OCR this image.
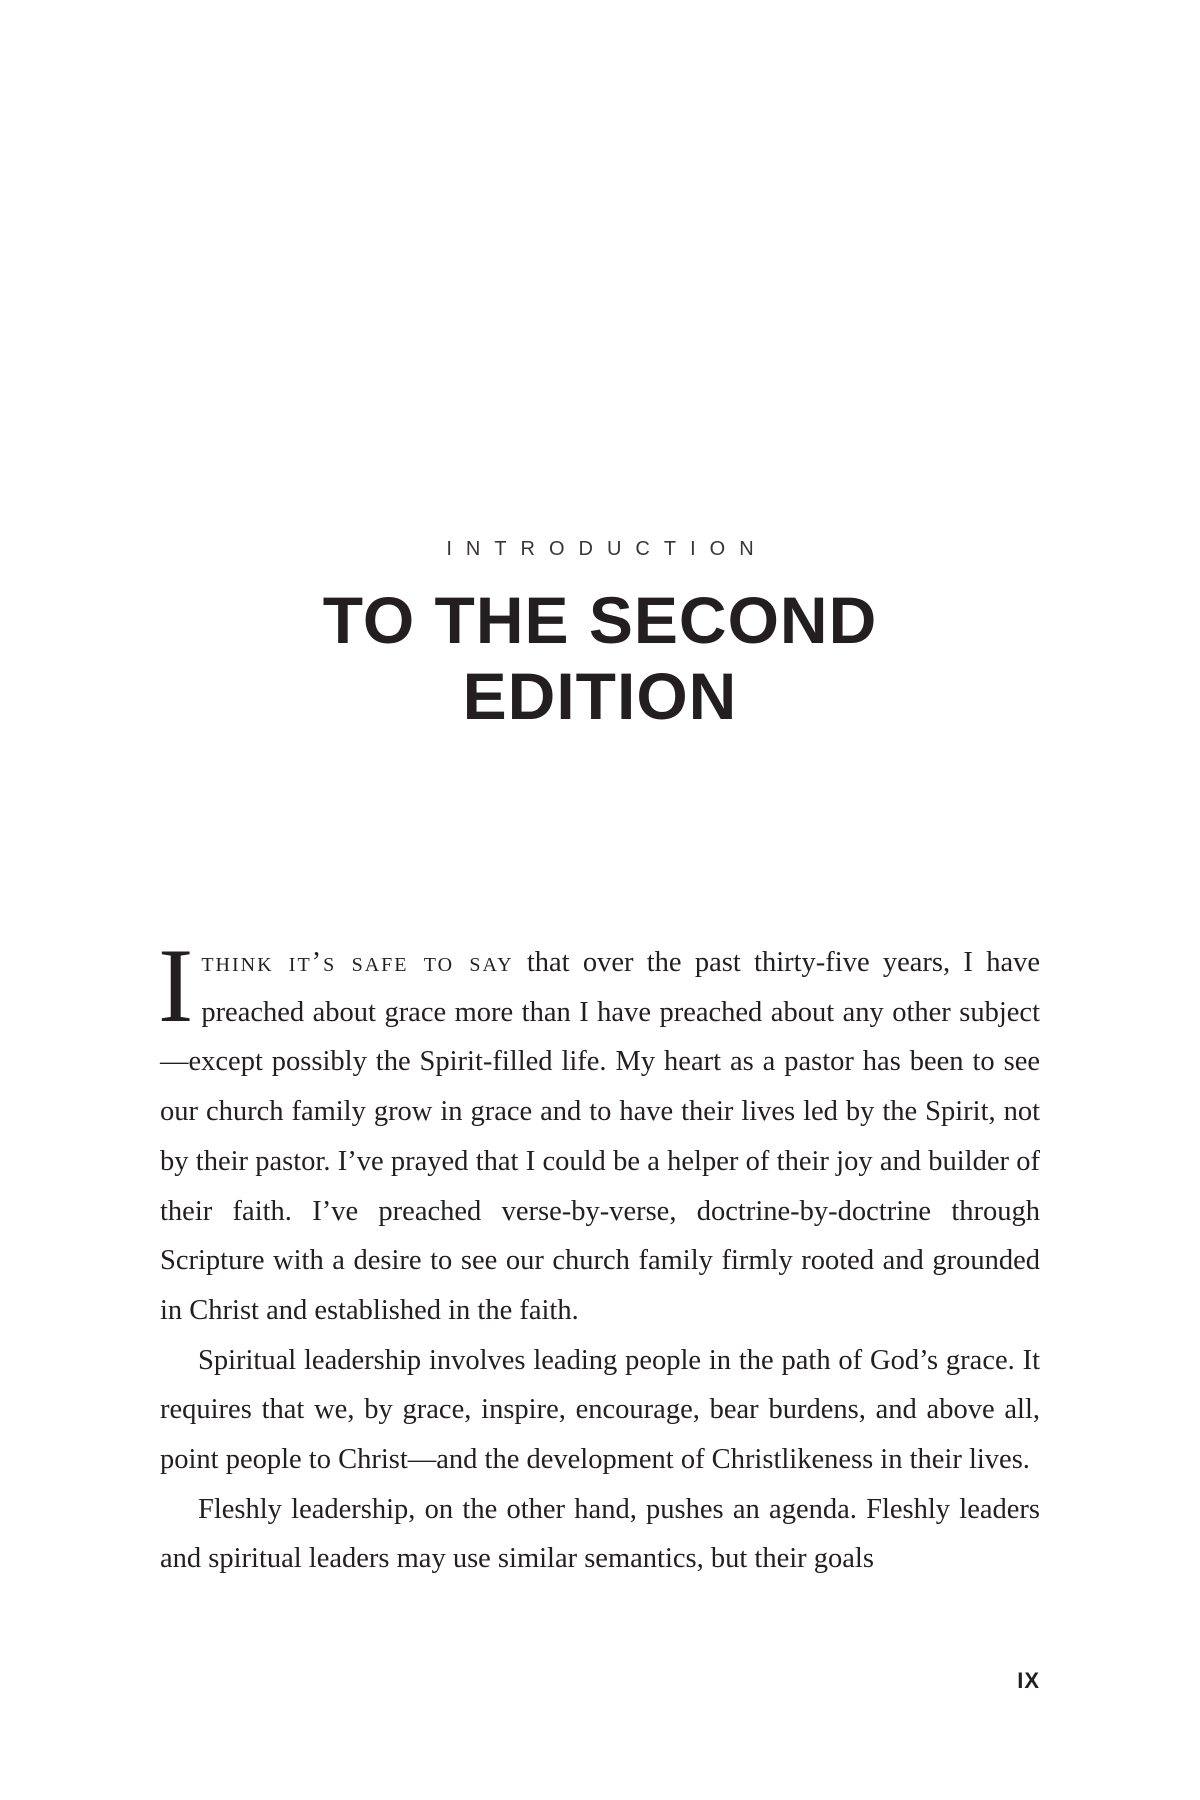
INTRODUCTION
TO THE SECOND
EDITION

Ithink it’s safe to say that over the past thirty-five years, I have preached about grace more than I have preached about any other subject—except possibly the Spirit-filled life. My heart as a pastor has been to see our church family grow in grace and to have their lives led by the Spirit, not by their pastor. I’ve prayed that I could be a helper of their joy and builder of their faith. I’ve preached verse-by-verse, doctrine-by-doctrine through Scripture with a desire to see our church family firmly rooted and grounded in Christ and established in the faith.

Spiritual leadership involves leading people in the path of God’s grace. It requires that we, by grace, inspire, encourage, bear burdens, and above all, point people to Christ—and the development of Christlikeness in their lives.

Fleshly leadership, on the other hand, pushes an agenda. Fleshly leaders and spiritual leaders may use similar semantics, but their goals

IX
